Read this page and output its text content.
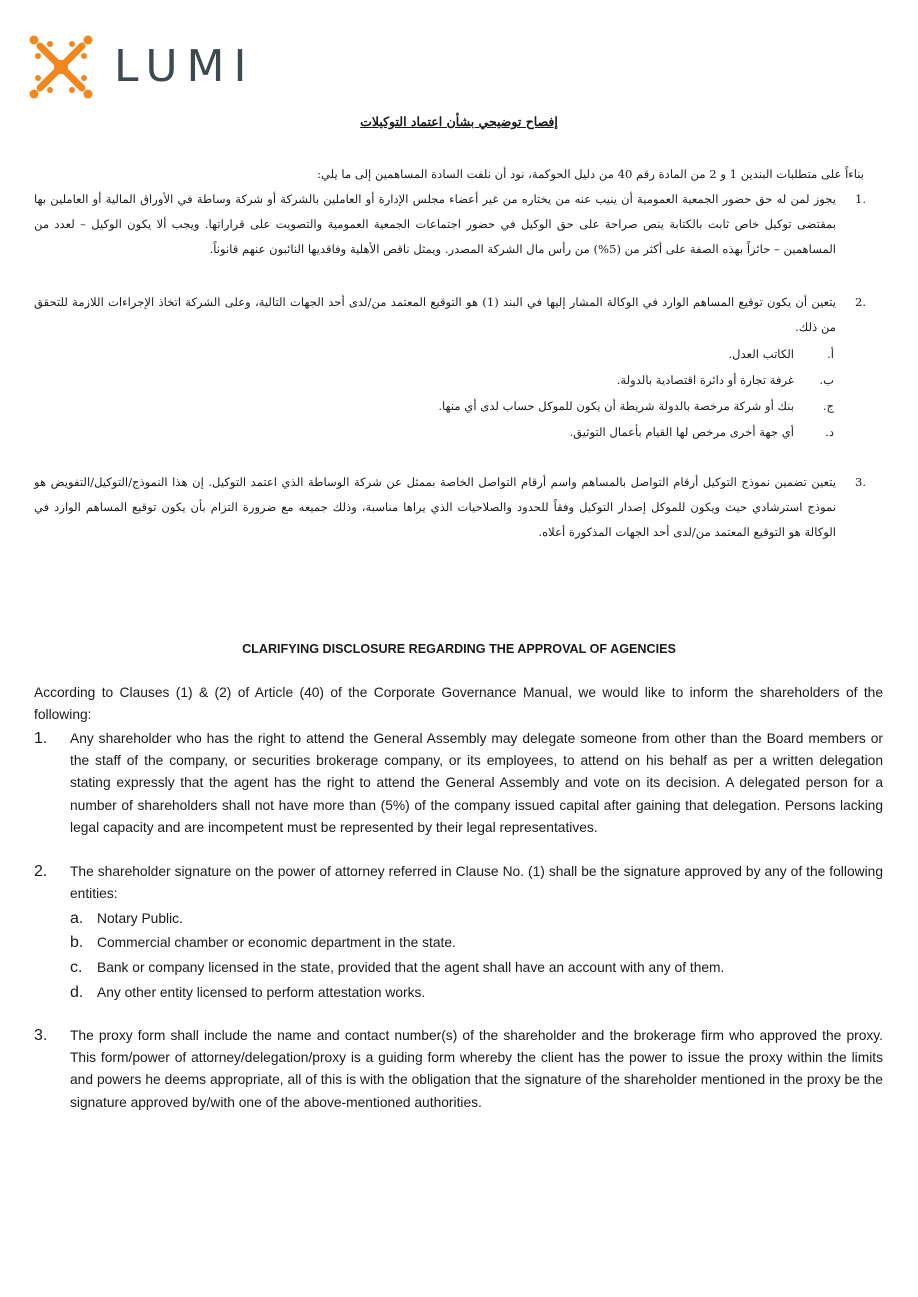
LUMI
إفصاح توضيحي بشأن اعتماد التوكيلات
بناءاً على متطلبات البندين 1 و 2 من المادة رقم 40 من دليل الحوكمة، نود أن نلفت السادة المساهمين إلى ما يلي:
1.
يجوز لمن له حق حضور الجمعية العمومية أن ينيب عنه من يختاره من غير أعضاء مجلس الإدارة أو العاملين بالشركة أو شركة وساطة في الأوراق المالية أو العاملين بها بمقتضى توكيل خاص ثابت بالكتابة ينص صراحة على حق الوكيل في حضور اجتماعات الجمعية العمومية والتصويت على قراراتها. ويجب ألا يكون الوكيل – لعدد من المساهمين – حائزاً بهذه الصفة على أكثر من (5%) من رأس مال الشركة المصدر. ويمثل ناقص الأهلية وفاقديها النائبون عنهم قانوناً.
2.
يتعين أن يكون توقيع المساهم الوارد في الوكالة المشار إليها في البند (1) هو التوقيع المعتمد من/لدى أحد الجهات التالية، وعلى الشركة اتخاذ الإجراءات اللازمة للتحقق من ذلك.
أ.الكاتب العدل.
ب.غرفة تجارة أو دائرة اقتصادية بالدولة.
ج.بنك أو شركة مرخصة بالدولة شريطة أن يكون للموكل حساب لدى أي منها.
د.أي جهة أخرى مرخص لها القيام بأعمال التوثيق.
3.
يتعين تضمين نموذج التوكيل أرقام التواصل بالمساهم واسم أرقام التواصل الخاصة بممثل عن شركة الوساطة الذي اعتمد التوكيل. إن هذا النموذج/التوكيل/التفويض هو نموذج استرشادي حيث ويكون للموكل إصدار التوكيل وفقاً للحدود والصلاحيات الذي يراها مناسبة، وذلك جميعه مع ضرورة التزام بأن يكون توقيع المساهم الوارد في الوكالة هو التوقيع المعتمد من/لدى أحد الجهات المذكورة أعلاه.
CLARIFYING DISCLOSURE REGARDING THE APPROVAL OF AGENCIES
According to Clauses (1) & (2) of Article (40) of the Corporate Governance Manual, we would like to inform the shareholders of the following:
1. Any shareholder who has the right to attend the General Assembly may delegate someone from other than the Board members or the staff of the company, or securities brokerage company, or its employees, to attend on his behalf as per a written delegation stating expressly that the agent has the right to attend the General Assembly and vote on its decision. A delegated person for a number of shareholders shall not have more than (5%) of the company issued capital after gaining that delegation. Persons lacking legal capacity and are incompetent must be represented by their legal representatives.
2. The shareholder signature on the power of attorney referred in Clause No. (1) shall be the signature approved by any of the following entities:
a. Notary Public.
b. Commercial chamber or economic department in the state.
c. Bank or company licensed in the state, provided that the agent shall have an account with any of them.
d. Any other entity licensed to perform attestation works.
3. The proxy form shall include the name and contact number(s) of the shareholder and the brokerage firm who approved the proxy. This form/power of attorney/delegation/proxy is a guiding form whereby the client has the power to issue the proxy within the limits and powers he deems appropriate, all of this is with the obligation that the signature of the shareholder mentioned in the proxy be the signature approved by/with one of the above-mentioned authorities.
